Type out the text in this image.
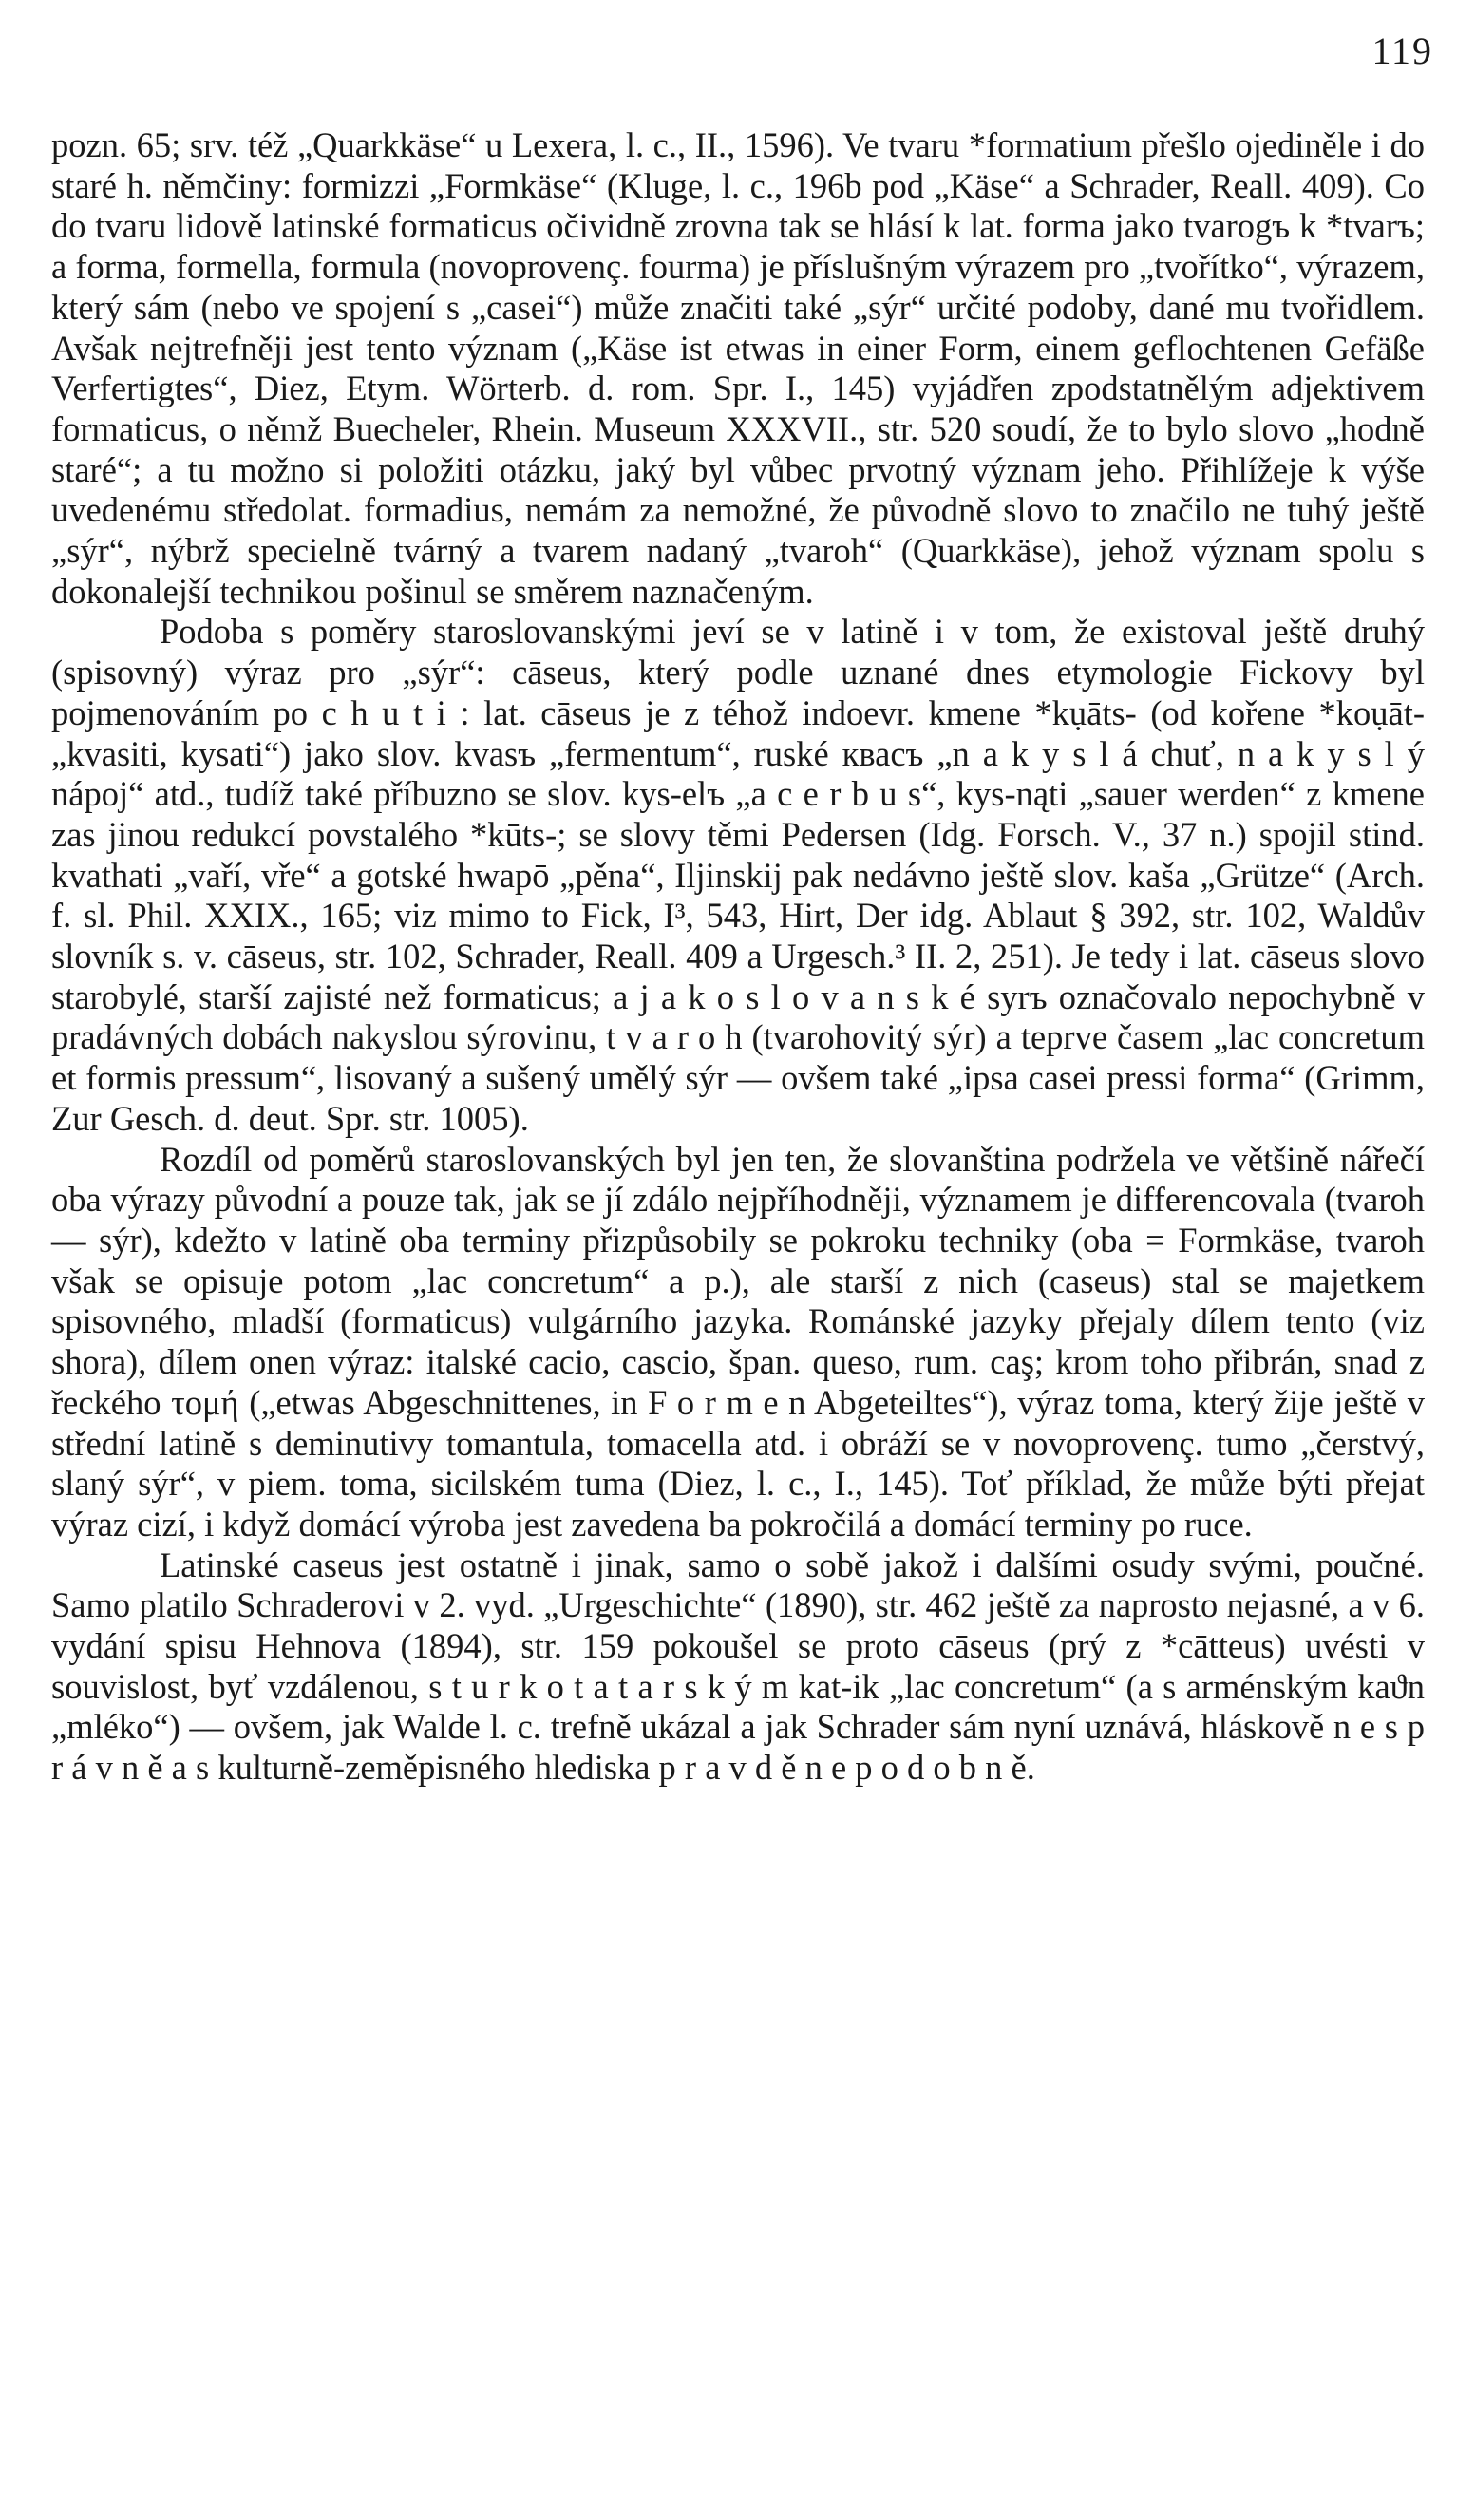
119

pozn. 65; srv. též „Quarkkäse“ u Lexera, l. c., II., 1596). Ve tvaru *formatium přešlo ojediněle i do staré h. němčiny: formizzi „Formkäse“ (Kluge, l. c., 196b pod „Käse“ a Schrader, Reall. 409). Co do tvaru lidově latinské formaticus očividně zrovna tak se hlásí k lat. forma jako tvarogъ k *tvarъ; a forma, formella, formula (novoprovenç. fourma) je příslušným výrazem pro „tvořítko“, výrazem, který sám (nebo ve spojení s „casei“) může značiti také „sýr“ určité podoby, dané mu tvořidlem. Avšak nejtrefněji jest tento význam („Käse ist etwas in einer Form, einem geflochtenen Gefäße Verfertigtes“, Diez, Etym. Wörterb. d. rom. Spr. I., 145) vyjádřen zpodstatnělým adjektivem formaticus, o němž Buecheler, Rhein. Museum XXXVII., str. 520 soudí, že to bylo slovo „hodně staré“; a tu možno si položiti otázku, jaký byl vůbec prvotný význam jeho. Přihlížeje k výše uvedenému středolat. formadius, nemám za nemožné, že původně slovo to značilo ne tuhý ještě „sýr“, nýbrž specielně tvárný a tvarem nadaný „tvaroh“ (Quarkkäse), jehož význam spolu s dokonalejší technikou pošinul se směrem naznačeným.

Podoba s poměry staroslovanskými jeví se v latině i v tom, že existoval ještě druhý (spisovný) výraz pro „sýr“: cāseus, který podle uznané dnes etymologie Fickovy byl pojmenováním po c h u t i : lat. cāseus je z téhož indoevr. kmene *kụāts- (od kořene *koụāt- „kvasiti, kysati“) jako slov. kvasъ „fermentum“, ruské квасъ „n a k y s l á chuť, n a k y s l ý nápoj“ atd., tudíž také příbuzno se slov. kys-elъ „a c e r b u s“, kys-nąti „sauer werden“ z kmene zas jinou redukcí povstalého *kūts-; se slovy těmi Pedersen (Idg. Forsch. V., 37 n.) spojil stind. kvathati „vaří, vře“ a gotské hwapō „pěna“, Iljinskij pak nedávno ještě slov. kaša „Grütze“ (Arch. f. sl. Phil. XXIX., 165; viz mimo to Fick, I³, 543, Hirt, Der idg. Ablaut § 392, str. 102, Waldův slovník s. v. cāseus, str. 102, Schrader, Reall. 409 a Urgesch.³ II. 2, 251). Je tedy i lat. cāseus slovo starobylé, starší zajisté než formaticus; a j a k o s l o v a n s k é syrъ označovalo nepochybně v pradávných dobách nakyslou sýrovinu, t v a r o h (tvarohovitý sýr) a teprve časem „lac concretum et formis pressum“, lisovaný a sušený umělý sýr — ovšem také „ipsa casei pressi forma“ (Grimm, Zur Gesch. d. deut. Spr. str. 1005).

Rozdíl od poměrů staroslovanských byl jen ten, že slovanština podržela ve většině nářečí oba výrazy původní a pouze tak, jak se jí zdálo nejpříhodněji, významem je differencovala (tvaroh — sýr), kdežto v latině oba terminy přizpůsobily se pokroku techniky (oba = Formkäse, tvaroh však se opisuje potom „lac concretum“ a p.), ale starší z nich (caseus) stal se majetkem spisovného, mladší (formaticus) vulgárního jazyka. Románské jazyky přejaly dílem tento (viz shora), dílem onen výraz: italské cacio, cascio, špan. queso, rum. caş; krom toho přibrán, snad z řeckého τομή („etwas Abgeschnittenes, in F o r m e n Abgeteiltes“), výraz toma, který žije ještě v střední latině s deminutivy tomantula, tomacella atd. i obráží se v novoprovenç. tumo „čerstvý, slaný sýr“, v piem. toma, sicilském tuma (Diez, l. c., I., 145). Toť příklad, že může býti přejat výraz cizí, i když domácí výroba jest zavedena ba pokročilá a domácí terminy po ruce.

Latinské caseus jest ostatně i jinak, samo o sobě jakož i dalšími osudy svými, poučné. Samo platilo Schraderovi v 2. vyd. „Urgeschichte“ (1890), str. 462 ještě za naprosto nejasné, a v 6. vydání spisu Hehnova (1894), str. 159 pokoušel se proto cāseus (prý z *cātteus) uvésti v souvislost, byť vzdálenou, s t u r k o t a t a r s k ý m kat-ik „lac concretum“ (a s arménským kaϑn „mléko“) — ovšem, jak Walde l. c. trefně ukázal a jak Schrader sám nyní uznává, hláskově n e s p r á v n ě a s kulturně-zeměpisného hlediska p r a v d ě n e p o d o b n ě.
